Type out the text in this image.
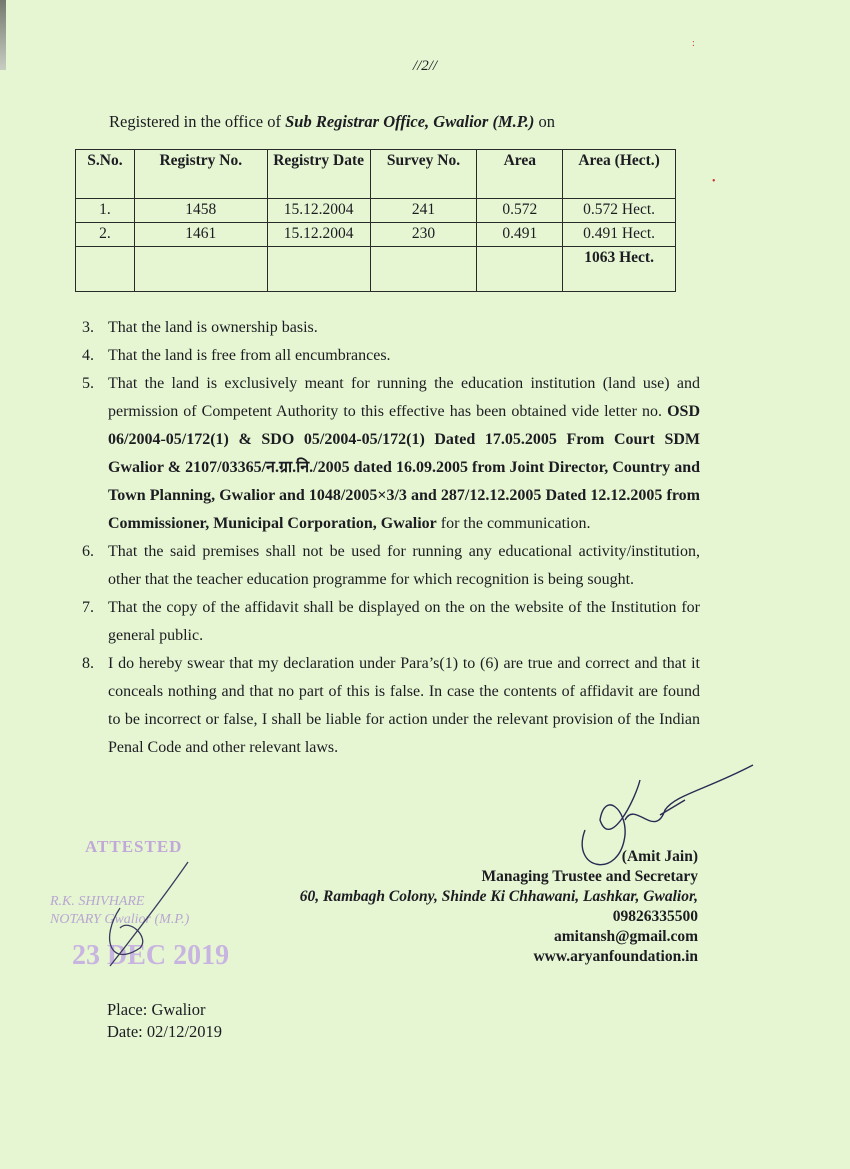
:
•
//2//
Registered in the office of Sub Registrar Office, Gwalior (M.P.) on
S.No.	Registry No.	Registry Date	Survey No.	Area	Area (Hect.)
1.	1458	15.12.2004	241	0.572	0.572 Hect.
2.	1461	15.12.2004	230	0.491	0.491 Hect.
					1063 Hect.
3. That the land is ownership basis.
4. That the land is free from all encumbrances.
5. That the land is exclusively meant for running the education institution (land use) and permission of Competent Authority to this effective has been obtained vide letter no. OSD 06/2004-05/172(1) & SDO 05/2004-05/172(1) Dated 17.05.2005 From Court SDM Gwalior & 2107/03365/न.ग्रा.नि./2005 dated 16.09.2005 from Joint Director, Country and Town Planning, Gwalior and 1048/2005×3/3 and 287/12.12.2005 Dated 12.12.2005 from Commissioner, Municipal Corporation, Gwalior for the communication.
6. That the said premises shall not be used for running any educational activity/institution, other that the teacher education programme for which recognition is being sought.
7. That the copy of the affidavit shall be displayed on the on the website of the Institution for general public.
8. I do hereby swear that my declaration under Para’s(1) to (6) are true and correct and that it conceals nothing and that no part of this is false. In case the contents of affidavit are found to be incorrect or false, I shall be liable for action under the relevant provision of the Indian Penal Code and other relevant laws.
ATTESTED
R.K. SHIVHARE
NOTARY Gwalior (M.P.)
23 DEC 2019
(Amit Jain)
Managing Trustee and Secretary
60, Rambagh Colony, Shinde Ki Chhawani, Lashkar, Gwalior,
09826335500
amitansh@gmail.com
www.aryanfoundation.in
Place: Gwalior
Date: 02/12/2019
